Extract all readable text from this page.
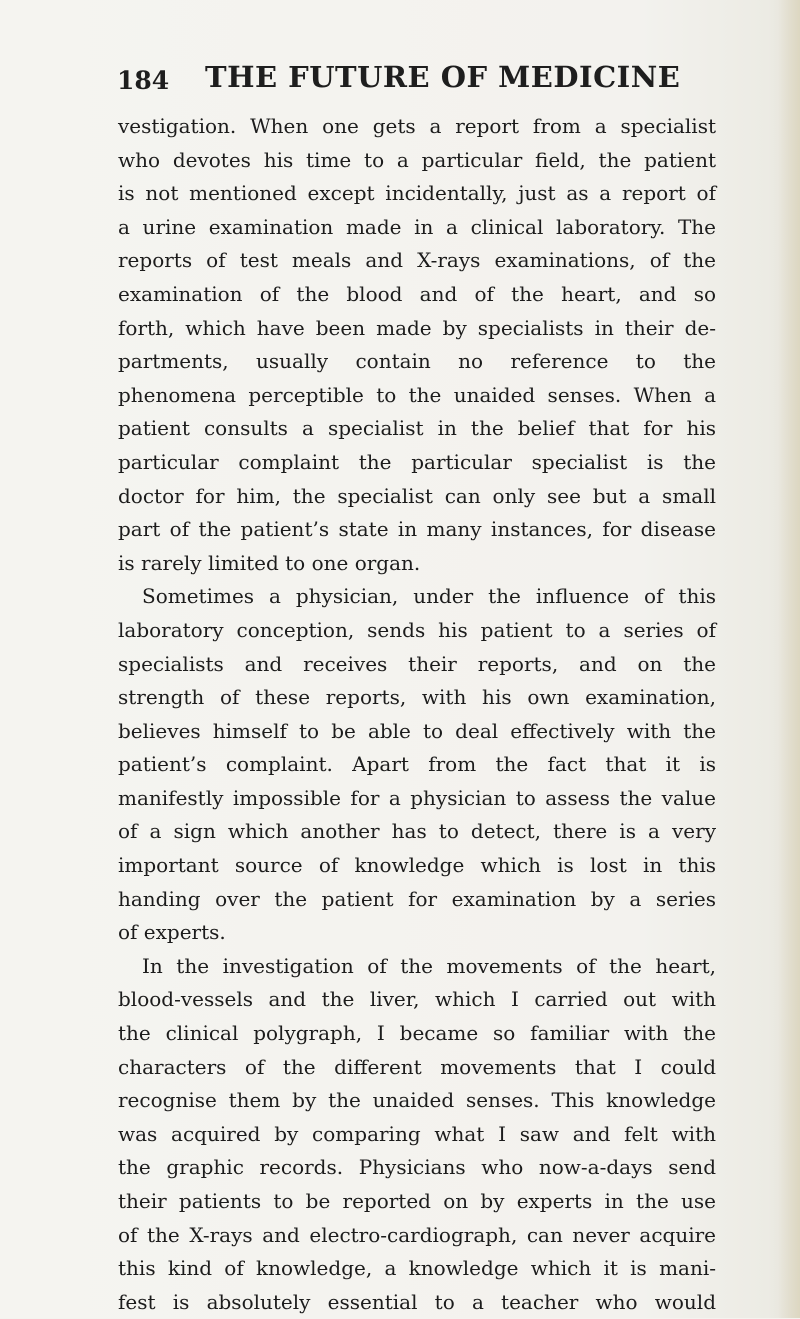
184 THE FUTURE OF MEDICINE
vestigation. When one gets a report from a specialist
who devotes his time to a particular field, the patient
is not mentioned except incidentally, just as a report of
a urine examination made in a clinical laboratory. The
reports of test meals and X-rays examinations, of the
examination of the blood and of the heart, and so
forth, which have been made by specialists in their de-
partments, usually contain no reference to the
phenomena perceptible to the unaided senses. When a
patient consults a specialist in the belief that for his
particular complaint the particular specialist is the
doctor for him, the specialist can only see but a small
part of the patient’s state in many instances, for disease
is rarely limited to one organ.
Sometimes a physician, under the influence of this
laboratory conception, sends his patient to a series of
specialists and receives their reports, and on the
strength of these reports, with his own examination,
believes himself to be able to deal effectively with the
patient’s complaint. Apart from the fact that it is
manifestly impossible for a physician to assess the value
of a sign which another has to detect, there is a very
important source of knowledge which is lost in this
handing over the patient for examination by a series
of experts.
In the investigation of the movements of the heart,
blood-vessels and the liver, which I carried out with
the clinical polygraph, I became so familiar with the
characters of the different movements that I could
recognise them by the unaided senses. This knowledge
was acquired by comparing what I saw and felt with
the graphic records. Physicians who now-a-days send
their patients to be reported on by experts in the use
of the X-rays and electro-cardiograph, can never acquire
this kind of knowledge, a knowledge which it is mani-
fest is absolutely essential to a teacher who would
